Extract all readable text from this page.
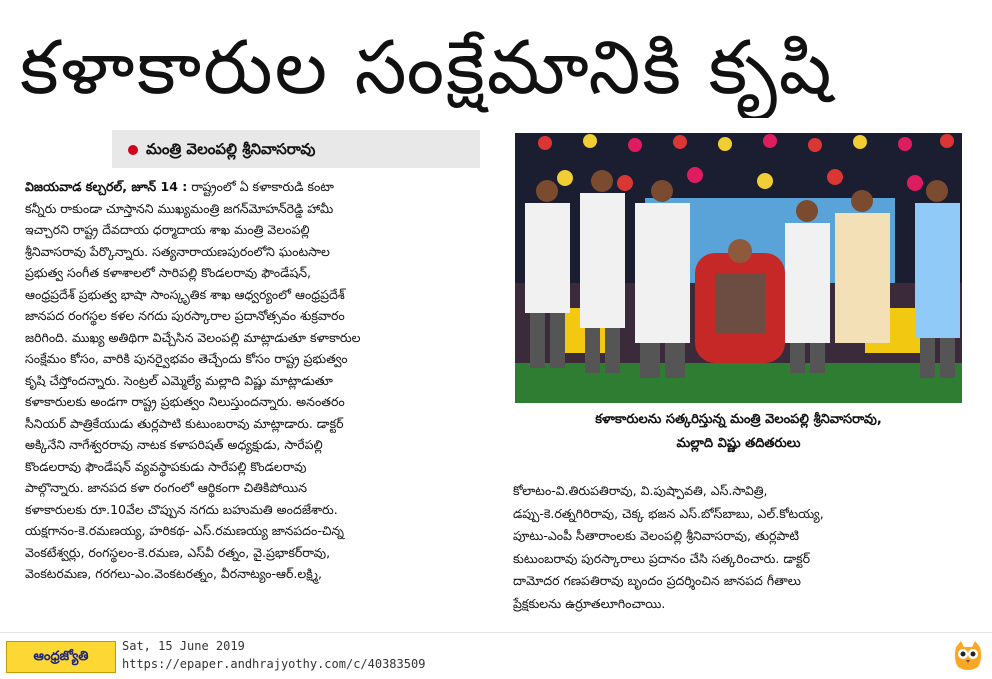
కళాకారుల సంక్షేమానికి కృషి
మంత్రి వెలంపల్లి శ్రీనివాసరావు

విజయవాడ కల్చరల్, జూన్ 14 : రాష్ట్రంలో ఏ కళాకారుడి కంటా

కన్నీరు రాకుండా చూస్తానని ముఖ్యమంత్రి జగన్‌మోహన్‌రెడ్డి హామీ

ఇచ్చారని రాష్ట్ర దేవదాయ ధర్మాదాయ శాఖ మంత్రి వెలంపల్లి

శ్రీనివాసరావు పేర్కొన్నారు. సత్యనారాయణపురంలోని ఘంటసాల

ప్రభుత్వ సంగీత కళాశాలలో సారిపల్లి కొండలరావు ఫౌండేషన్,

ఆంధ్రప్రదేశ్ ప్రభుత్వ భాషా సాంస్కృతిక శాఖ ఆధ్వర్యంలో ఆంధ్రప్రదేశ్

జానపద రంగస్థల కళల నగదు పురస్కారాల ప్రదానోత్సవం శుక్రవారం

జరిగింది. ముఖ్య అతిథిగా విచ్చేసిన వెలంపల్లి మాట్లాడుతూ కళాకారుల

సంక్షేమం కోసం, వారికి పునర్వైభవం తెచ్చేందు కోసం రాష్ట్ర ప్రభుత్వం

కృషి చేస్తోందన్నారు. సెంట్రల్ ఎమ్మెల్యే మల్లాది విష్ణు మాట్లాడుతూ

కళాకారులకు అండగా రాష్ట్ర ప్రభుత్వం నిలుస్తుందన్నారు. అనంతరం

సీనియర్ పాత్రికేయుడు తుర్లపాటి కుటుంబరావు మాట్లాడారు. డాక్టర్

అక్కినేని నాగేశ్వరరావు నాటక కళాపరిషత్ అధ్యక్షుడు, సారేపల్లి

కొండలరావు ఫౌండేషన్ వ్యవస్థాపకుడు సారేపల్లి కొండలరావు

పాల్గొన్నారు. జానపద కళా రంగంలో ఆర్థికంగా చితికిపోయిన

కళాకారులకు రూ.10వేల చొప్పున నగదు బహుమతి అందజేశారు.

యక్షగానం-కె.రమణయ్య, హరికథ- ఎస్.రమణయ్య జానపదం-చిన్న

వెంకటేశ్వర్లు, రంగస్థలం-కె.రమణ, ఎస్‌వీ రత్నం, వై.ప్రభాకర్‌రావు,

వెంకటరమణ, గరగలు-ఎం.వెంకటరత్నం, వీరనాట్యం-ఆర్.లక్ష్మి,

కళాకారులను సత్కరిస్తున్న మంత్రి వెలంపల్లి శ్రీనివాసరావు,
మల్లాది విష్ణు తదితరులు

కోలాటం-వి.తిరుపతిరావు, వి.పుష్పావతి, ఎస్.సావిత్రి,

డప్పు-కె.రత్నగిరిరావు, చెక్క భజన ఎస్.బోస్‌బాబు, ఎల్.కోటయ్య,

పూటు-ఎంపీ సీతారాంలకు వెలంపల్లి శ్రీనివాసరావు, తుర్లపాటి

కుటుంబరావు పురస్కారాలు ప్రదానం చేసి సత్కరించారు. డాక్టర్

దామోదర గణపతిరావు బృందం ప్రదర్శించిన జానపద గీతాలు

ప్రేక్షకులను ఉర్రూతలూగించాయి.

ఆంధ్రజ్యోతి
Sat, 15 June 2019
https://epaper.andhrajyothy.com/c/40383509
